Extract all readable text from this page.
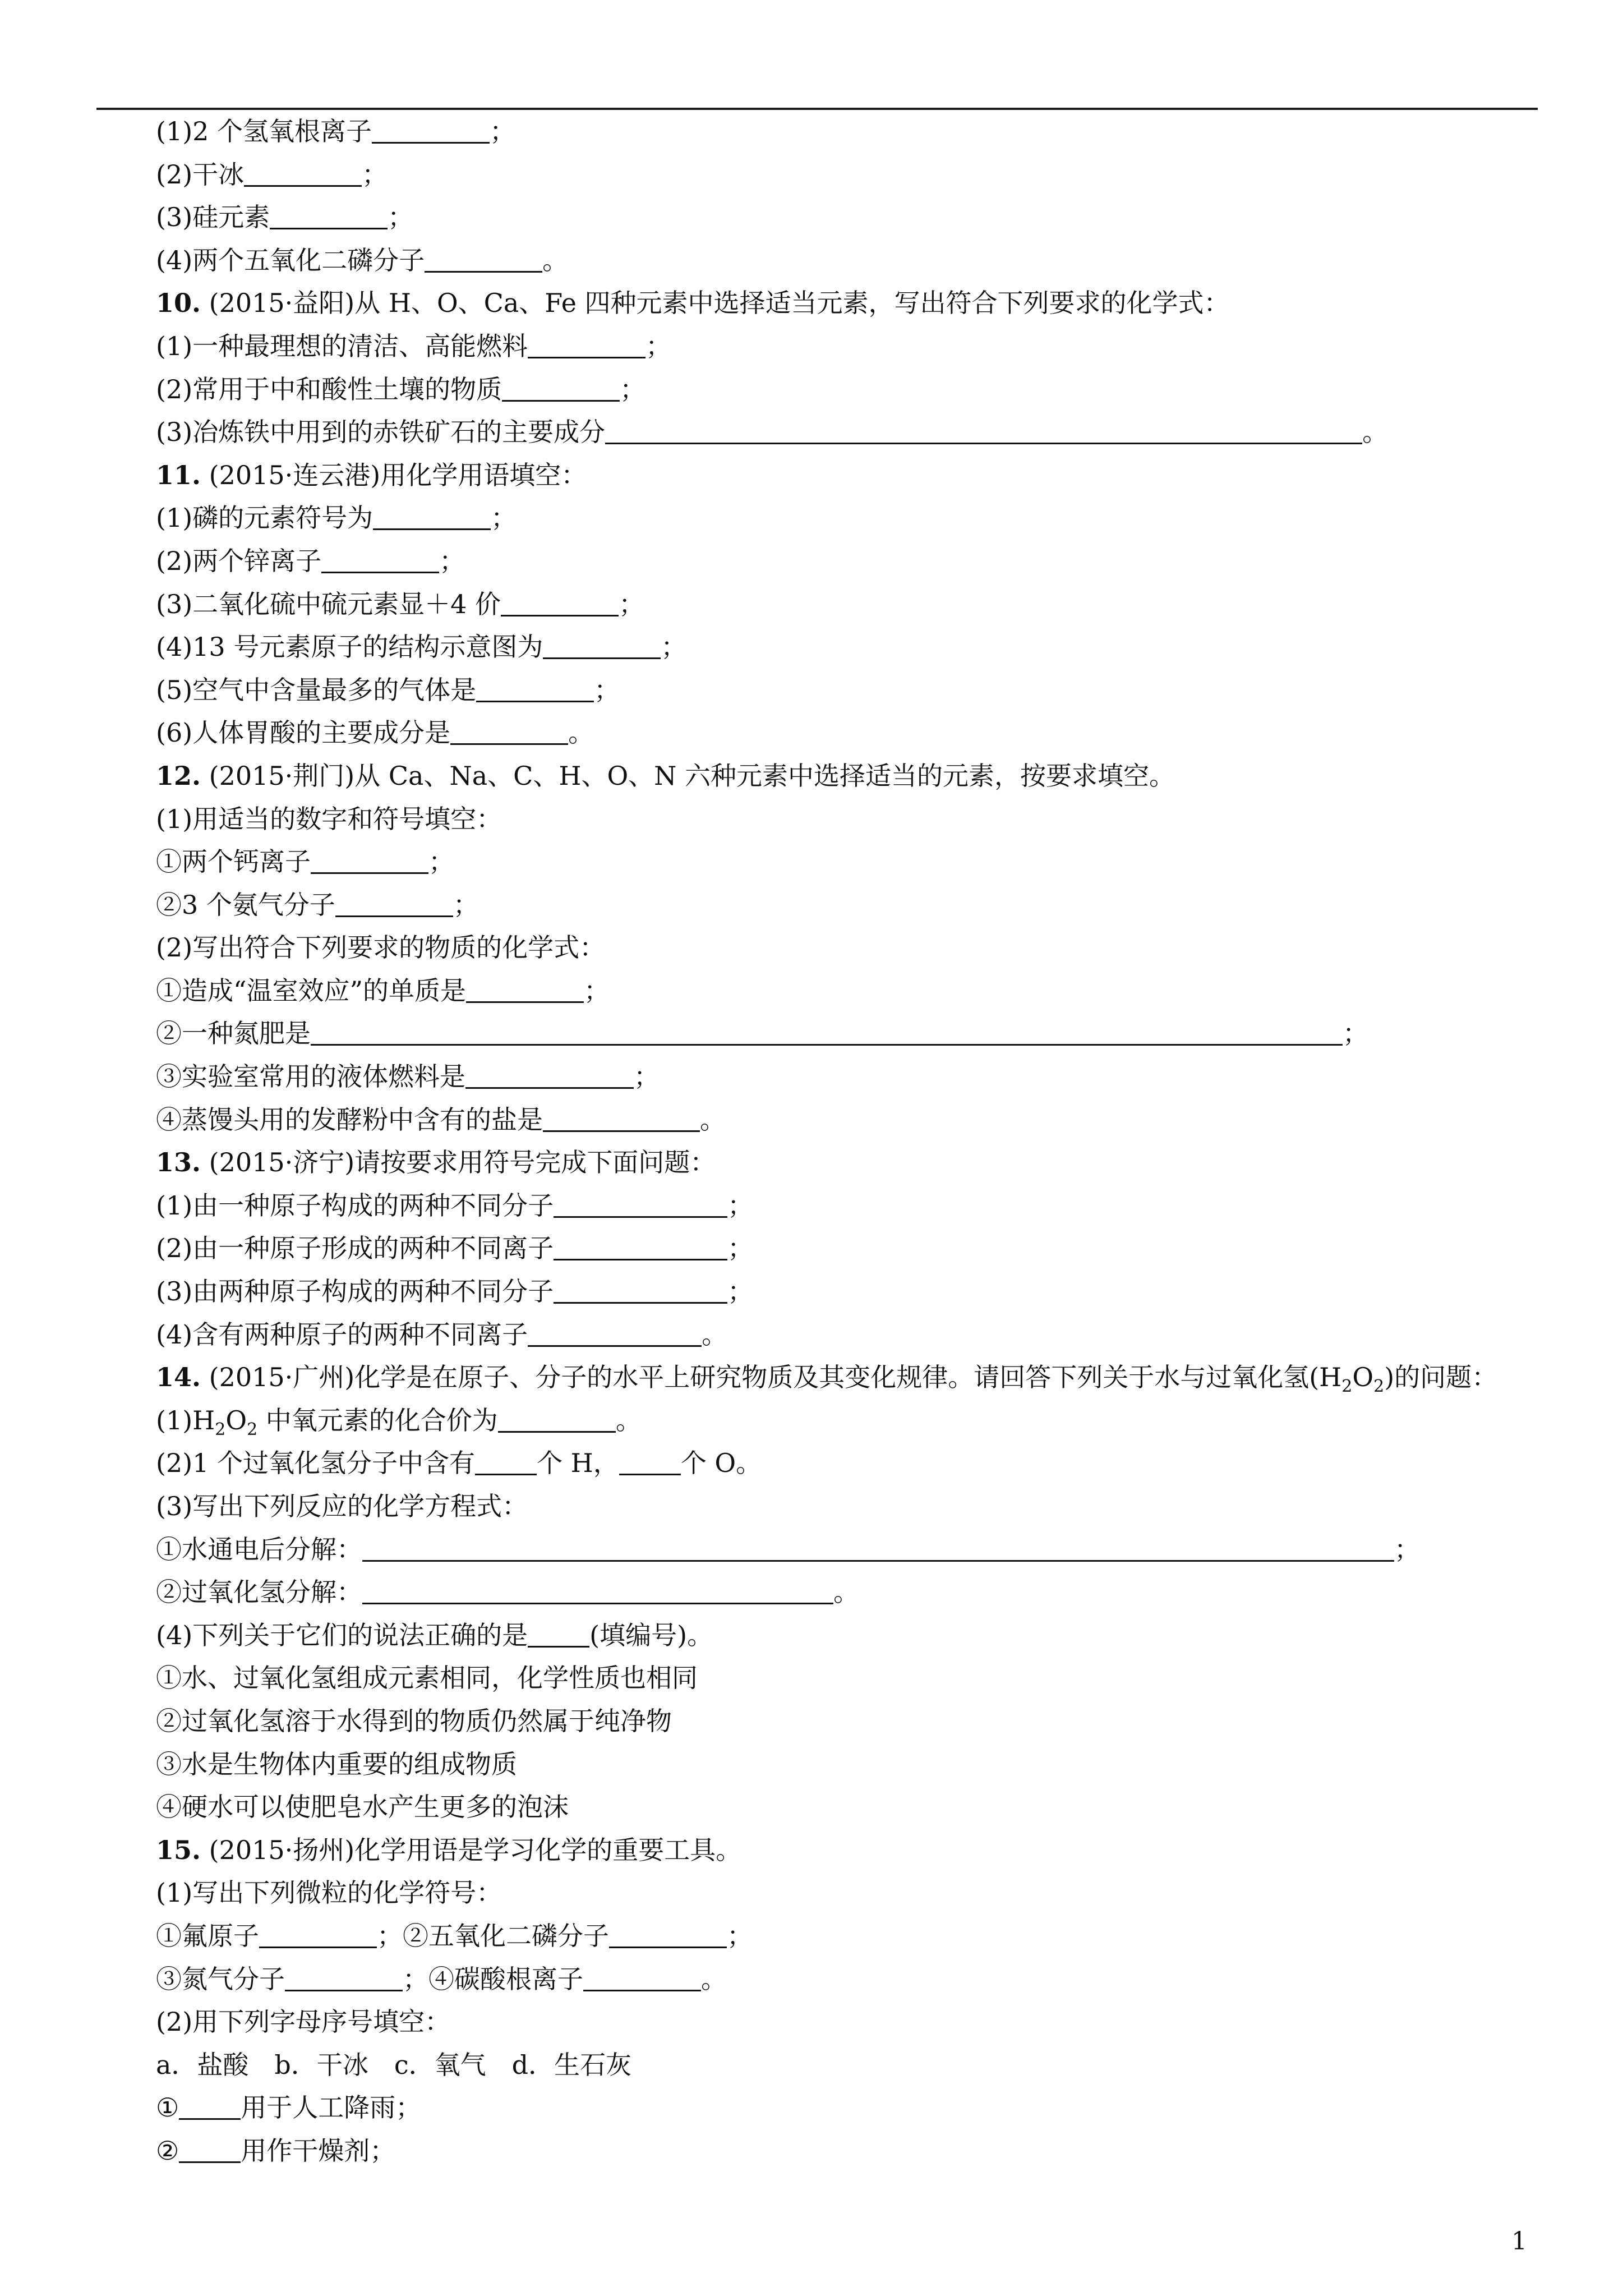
(1)2 个氢氧根离子	；
(2)干冰	；
(3)硅元素	；
(4)两个五氧化二磷分子	。
10. (2015·益阳)从 H、O、Ca、Fe 四种元素中选择适当元素，写出符合下列要求的化学式：
(1)一种最理想的清洁、高能燃料	；
(2)常用于中和酸性土壤的物质	；
(3)冶炼铁中用到的赤铁矿石的主要成分	。
11. (2015·连云港)用化学用语填空：
(1)磷的元素符号为	；
(2)两个锌离子	；
(3)二氧化硫中硫元素显＋4 价	；
(4)13 号元素原子的结构示意图为	；
(5)空气中含量最多的气体是	；
(6)人体胃酸的主要成分是	。
12. (2015·荆门)从 Ca、Na、C、H、O、N 六种元素中选择适当的元素，按要求填空。
(1)用适当的数字和符号填空：
①两个钙离子	；
②3 个氨气分子	；
(2)写出符合下列要求的物质的化学式：
①造成“温室效应”的单质是	；
②一种氮肥是	；
③实验室常用的液体燃料是	；
④蒸馒头用的发酵粉中含有的盐是	。
13. (2015·济宁)请按要求用符号完成下面问题：
(1)由一种原子构成的两种不同分子	；
(2)由一种原子形成的两种不同离子	；
(3)由两种原子构成的两种不同分子	；
(4)含有两种原子的两种不同离子	。
14. (2015·广州)化学是在原子、分子的水平上研究物质及其变化规律。请回答下列关于水与过氧化氢$(H_2O_2)$的问题：
$(1)H_2O_2$ 中氧元素的化合价为	。
(2)1 个过氧化氢分子中含有 个 H， 个 O。
(3)写出下列反应的化学方程式：
①水通电后分解：	；
②过氧化氢分解：	。
(4)下列关于它们的说法正确的是 (填编号)。
①水、过氧化氢组成元素相同，化学性质也相同
②过氧化氢溶于水得到的物质仍然属于纯净物
③水是生物体内重要的组成物质
④硬水可以使肥皂水产生更多的泡沫
15. (2015·扬州)化学用语是学习化学的重要工具。
(1)写出下列微粒的化学符号：
①氟原子	；②五氧化二磷分子	；
③氮气分子	；④碳酸根离子	。
(2)用下列字母序号填空：
a．盐酸　b．干冰　c．氧气　d．生石灰
① 用于人工降雨；
② 用作干燥剂；
1
